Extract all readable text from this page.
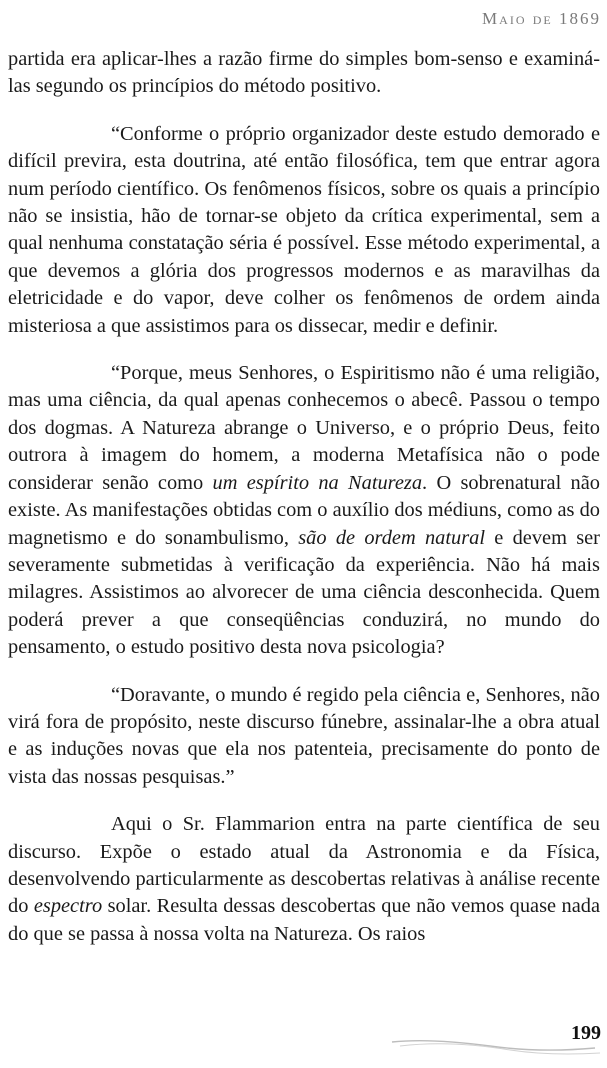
Maio de 1869

partida era aplicar-lhes a razão firme do simples bom-senso e examiná-las segundo os princípios do método positivo.

“Conforme o próprio organizador deste estudo demorado e difícil previra, esta doutrina, até então filosófica, tem que entrar agora num período científico. Os fenômenos físicos, sobre os quais a princípio não se insistia, hão de tornar-se objeto da crítica experimental, sem a qual nenhuma constatação séria é possível. Esse método experimental, a que devemos a glória dos progressos modernos e as maravilhas da eletricidade e do vapor, deve colher os fenômenos de ordem ainda misteriosa a que assistimos para os dissecar, medir e definir.

“Porque, meus Senhores, o Espiritismo não é uma religião, mas uma ciência, da qual apenas conhecemos o abecê. Passou o tempo dos dogmas. A Natureza abrange o Universo, e o próprio Deus, feito outrora à imagem do homem, a moderna Metafísica não o pode considerar senão como um espírito na Natureza. O sobrenatural não existe. As manifestações obtidas com o auxílio dos médiuns, como as do magnetismo e do sonambulismo, são de ordem natural e devem ser severamente submetidas à verificação da experiência. Não há mais milagres. Assistimos ao alvorecer de uma ciência desconhecida. Quem poderá prever a que conseqüências conduzirá, no mundo do pensamento, o estudo positivo desta nova psicologia?

“Doravante, o mundo é regido pela ciência e, Senhores, não virá fora de propósito, neste discurso fúnebre, assinalar-lhe a obra atual e as induções novas que ela nos patenteia, precisamente do ponto de vista das nossas pesquisas.”

Aqui o Sr. Flammarion entra na parte científica de seu discurso. Expõe o estado atual da Astronomia e da Física, desenvolvendo particularmente as descobertas relativas à análise recente do espectro solar. Resulta dessas descobertas que não vemos quase nada do que se passa à nossa volta na Natureza. Os raios

199
